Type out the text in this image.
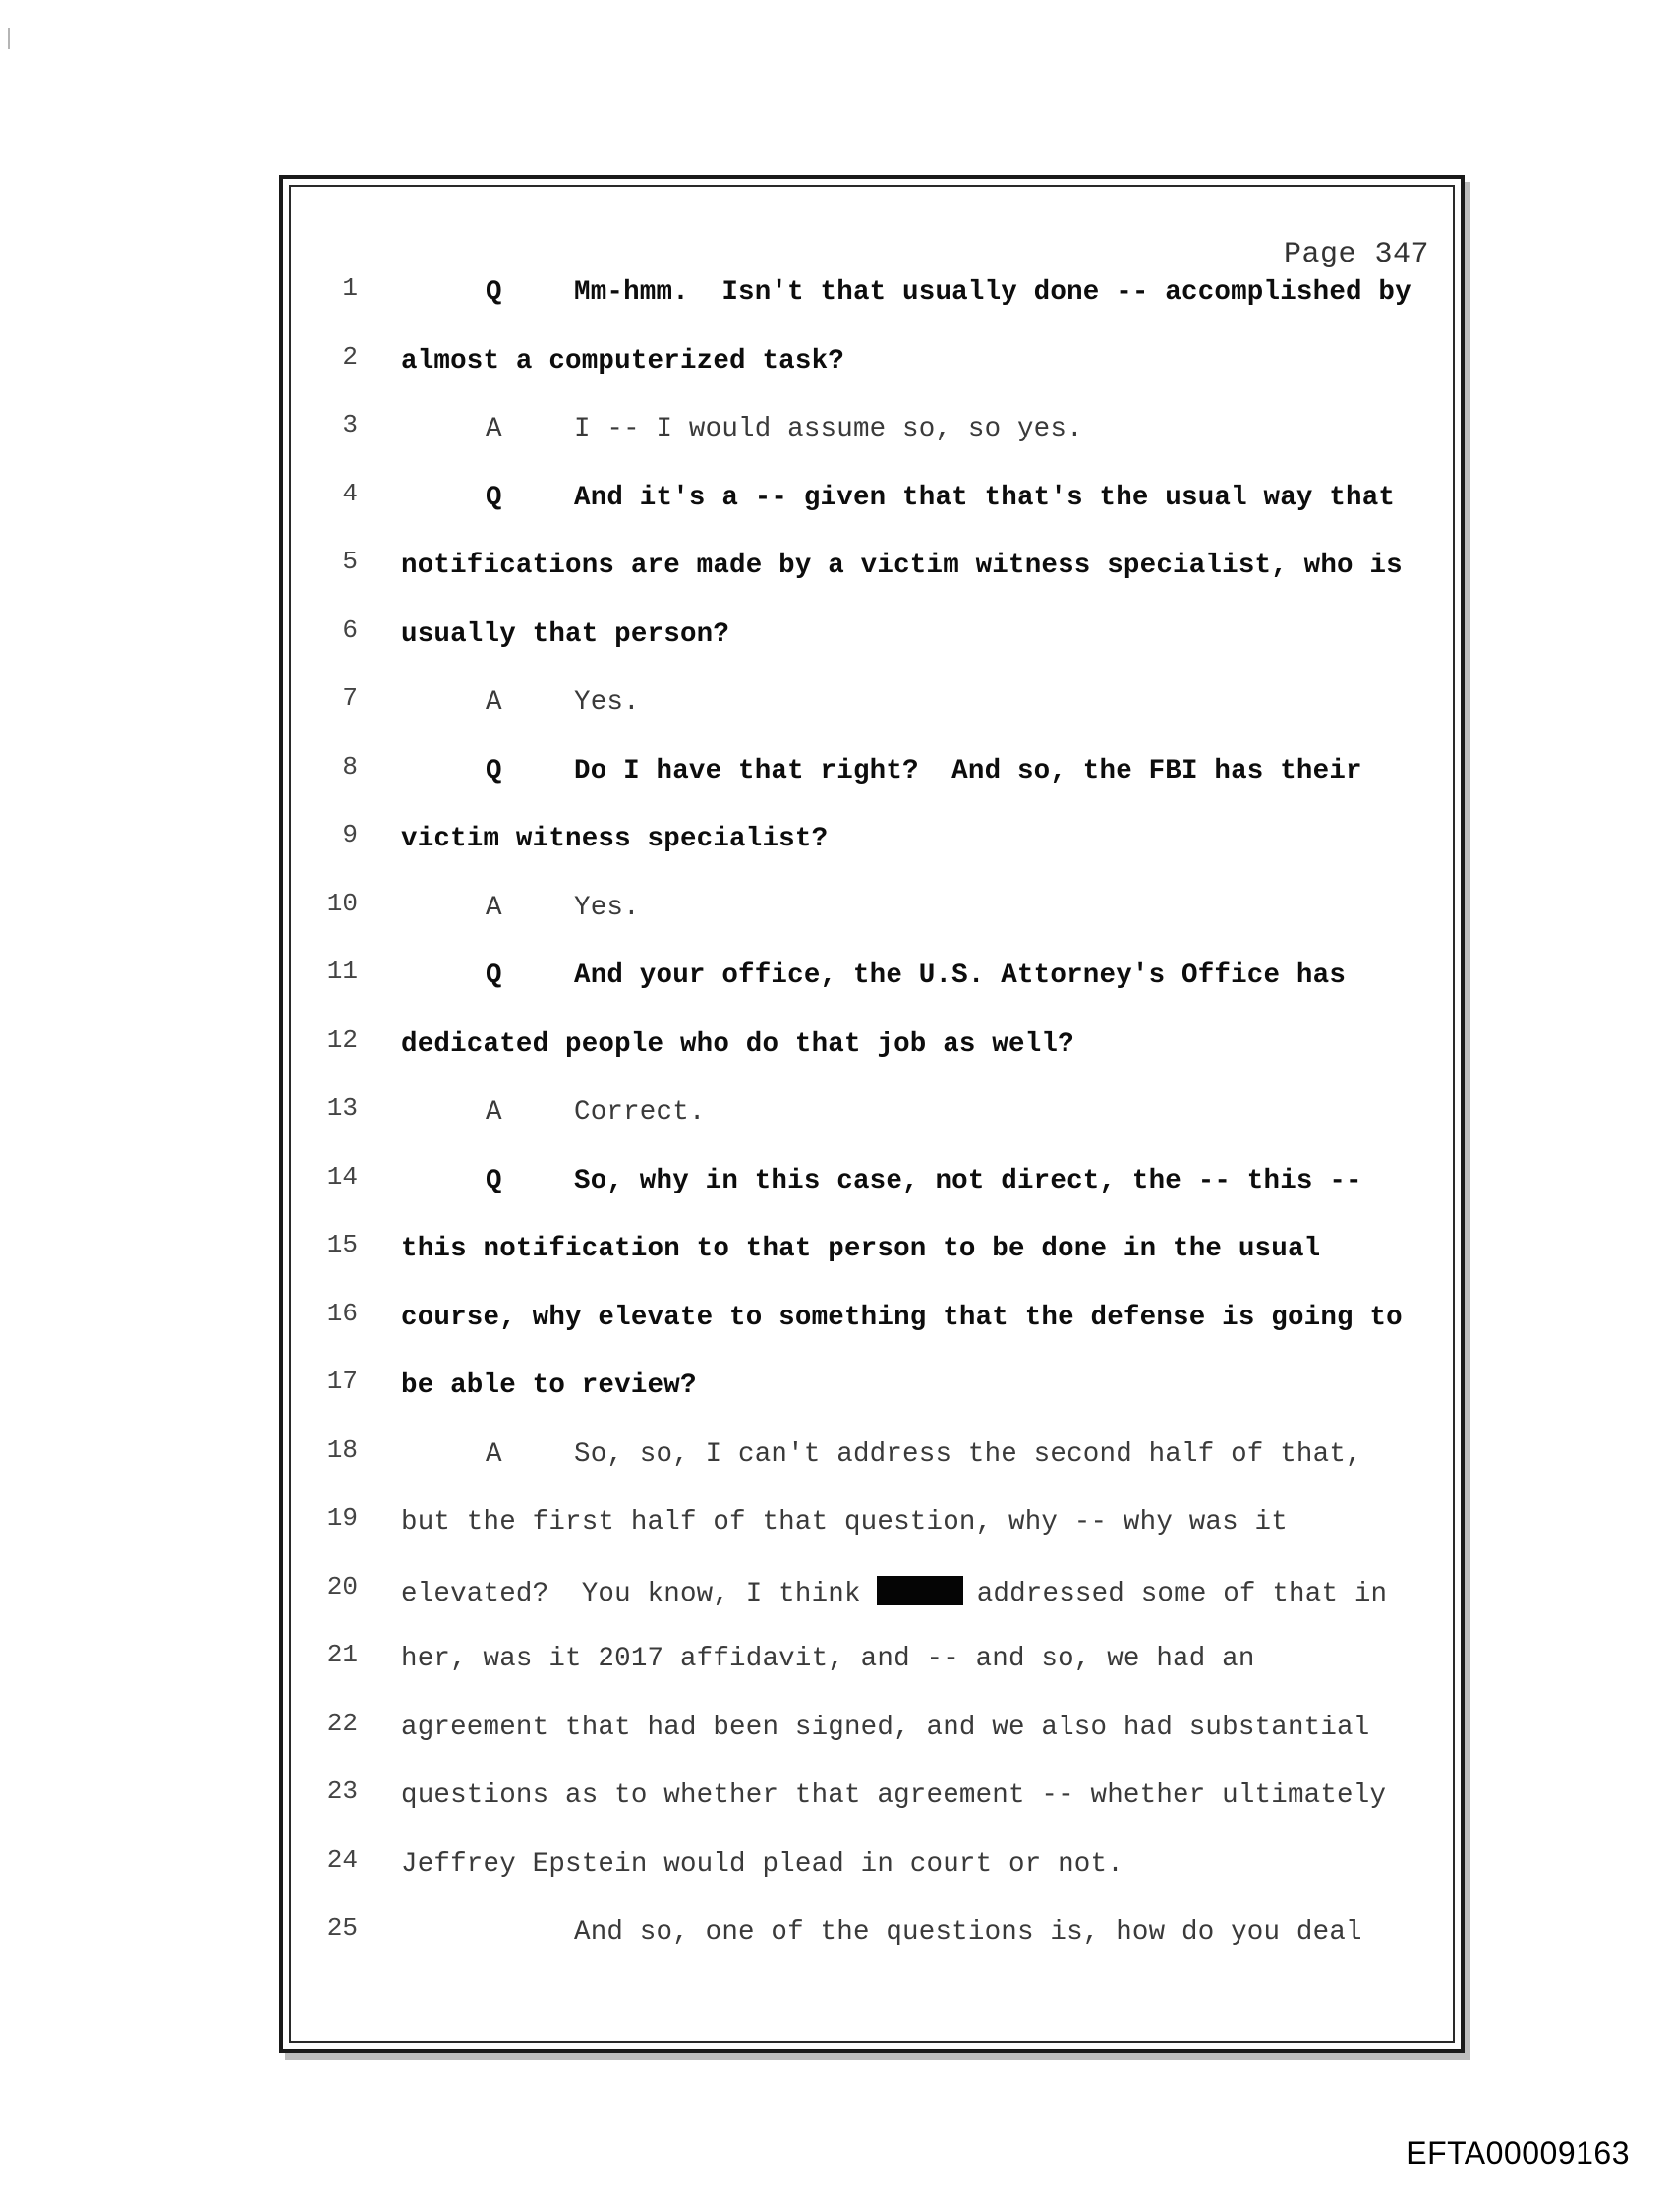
Page 347
1	Q	Mm-hmm.  Isn't that usually done -- accomplished by
2 almost a computerized task?
3	A	I -- I would assume so, so yes.
4	Q	And it's a -- given that that's the usual way that
5 notifications are made by a victim witness specialist, who is
6 usually that person?
7	A	Yes.
8	Q	Do I have that right?  And so, the FBI has their
9 victim witness specialist?
10	A	Yes.
11	Q	And your office, the U.S. Attorney's Office has
12 dedicated people who do that job as well?
13	A	Correct.
14	Q	So, why in this case, not direct, the -- this --
15 this notification to that person to be done in the usual
16 course, why elevate to something that the defense is going to
17 be able to review?
18	A	So, so, I can't address the second half of that,
19 but the first half of that question, why -- why was it
20 elevated?  You know, I think	addressed some of that in
21 her, was it 2017 affidavit, and -- and so, we had an
22 agreement that had been signed, and we also had substantial
23 questions as to whether that agreement -- whether ultimately
24 Jeffrey Epstein would plead in court or not.
25	And so, one of the questions is, how do you deal
EFTA00009163
